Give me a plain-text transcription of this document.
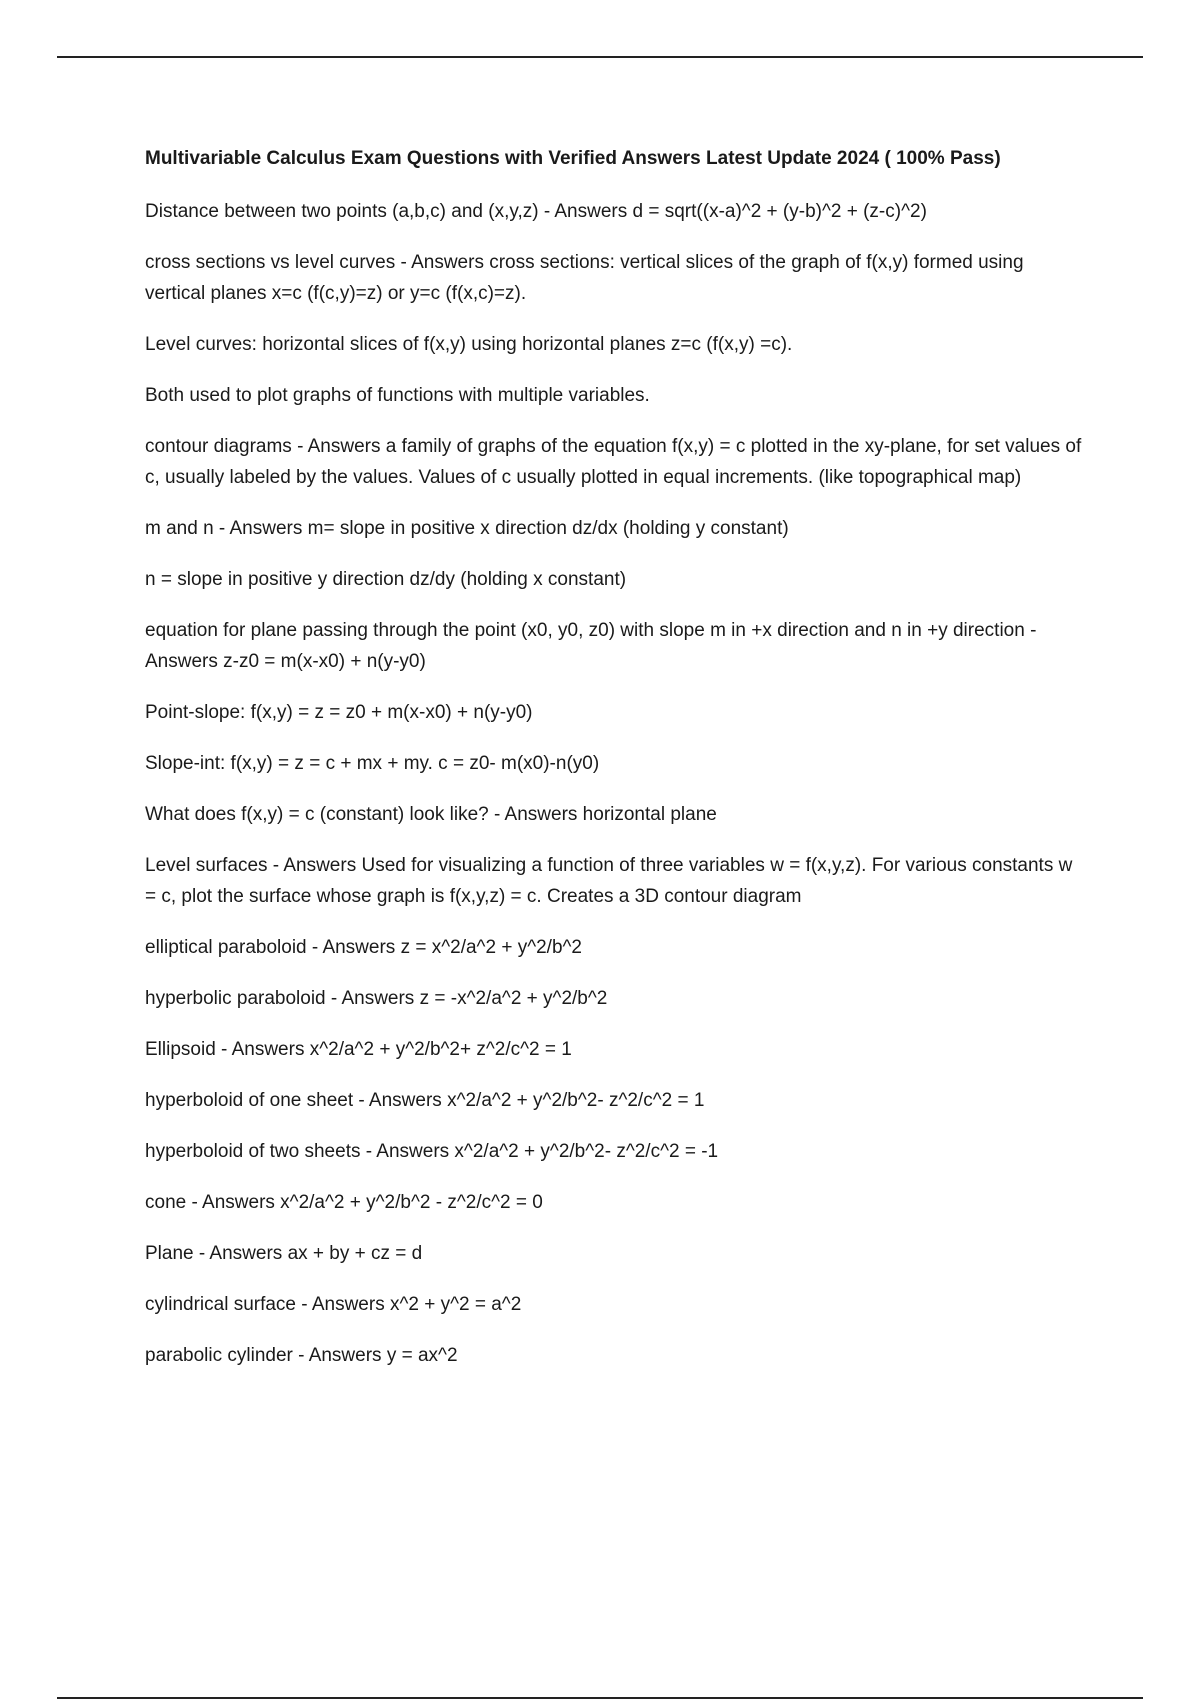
Multivariable Calculus Exam Questions with Verified Answers Latest Update 2024 ( 100% Pass)

Distance between two points (a,b,c) and (x,y,z) - Answers d = sqrt((x-a)^2 + (y-b)^2 + (z-c)^2)

cross sections vs level curves - Answers cross sections: vertical slices of the graph of f(x,y) formed using vertical planes x=c (f(c,y)=z) or y=c (f(x,c)=z).

Level curves: horizontal slices of f(x,y) using horizontal planes z=c (f(x,y) =c).

Both used to plot graphs of functions with multiple variables.

contour diagrams - Answers a family of graphs of the equation f(x,y) = c plotted in the xy-plane, for set values of c, usually labeled by the values. Values of c usually plotted in equal increments. (like topographical map)

m and n - Answers m= slope in positive x direction dz/dx (holding y constant)

n = slope in positive y direction dz/dy (holding x constant)

equation for plane passing through the point (x0, y0, z0) with slope m in +x direction and n in +y direction - Answers z-z0 = m(x-x0) + n(y-y0)

Point-slope: f(x,y) = z = z0 + m(x-x0) + n(y-y0)

Slope-int: f(x,y) = z = c + mx + my. c = z0- m(x0)-n(y0)

What does f(x,y) = c (constant) look like? - Answers horizontal plane

Level surfaces - Answers Used for visualizing a function of three variables w = f(x,y,z). For various constants w = c, plot the surface whose graph is f(x,y,z) = c. Creates a 3D contour diagram

elliptical paraboloid - Answers z = x^2/a^2 + y^2/b^2

hyperbolic paraboloid - Answers z = -x^2/a^2 + y^2/b^2

Ellipsoid - Answers x^2/a^2 + y^2/b^2+ z^2/c^2 = 1

hyperboloid of one sheet - Answers x^2/a^2 + y^2/b^2- z^2/c^2 = 1

hyperboloid of two sheets - Answers x^2/a^2 + y^2/b^2- z^2/c^2 = -1

cone - Answers x^2/a^2 + y^2/b^2 - z^2/c^2 = 0

Plane - Answers ax + by + cz = d

cylindrical surface - Answers x^2 + y^2 = a^2

parabolic cylinder - Answers y = ax^2
